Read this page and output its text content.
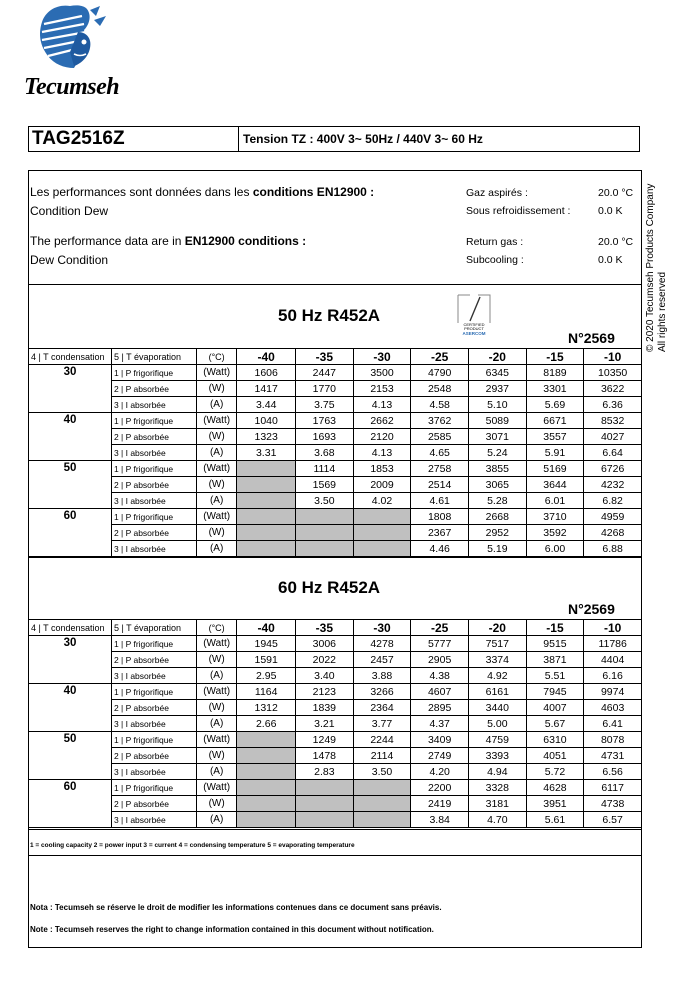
Tecumseh
TAG2516Z	Tension TZ : 400V 3~ 50Hz / 440V 3~ 60 Hz
© 2020 Tecumseh Products Company All rights reserved
Les performances sont données dans les conditions EN12900 :
Condition Dew
The performance data are in EN12900 conditions :
Dew Condition
Gaz aspirés :	20.0 °C
Sous refroidissement :	0.0 K
Return gas :	20.0 °C
Subcooling :	0.0 K
CERTIFIED
PRODUCT
ASERCOM
50 Hz R452A
N°2569
60 Hz R452A
N°2569
4 | T condensation	5 | T évaporation	(°C)	-40	-35	-30	-25	-20	-15	-10
30	1 | P frigorifique	(Watt)	1606	2447	3500	4790	6345	8189	10350
	2 | P absorbée	(W)	1417	1770	2153	2548	2937	3301	3622
	3 | I absorbée	(A)	3.44	3.75	4.13	4.58	5.10	5.69	6.36
40	1 | P frigorifique	(Watt)	1040	1763	2662	3762	5089	6671	8532
	2 | P absorbée	(W)	1323	1693	2120	2585	3071	3557	4027
	3 | I absorbée	(A)	3.31	3.68	4.13	4.65	5.24	5.91	6.64
50	1 | P frigorifique	(Watt)		1114	1853	2758	3855	5169	6726
	2 | P absorbée	(W)		1569	2009	2514	3065	3644	4232
	3 | I absorbée	(A)		3.50	4.02	4.61	5.28	6.01	6.82
60	1 | P frigorifique	(Watt)				1808	2668	3710	4959
	2 | P absorbée	(W)				2367	2952	3592	4268
	3 | I absorbée	(A)				4.46	5.19	6.00	6.88
4 | T condensation	5 | T évaporation	(°C)	-40	-35	-30	-25	-20	-15	-10
30	1 | P frigorifique	(Watt)	1945	3006	4278	5777	7517	9515	11786
	2 | P absorbée	(W)	1591	2022	2457	2905	3374	3871	4404
	3 | I absorbée	(A)	2.95	3.40	3.88	4.38	4.92	5.51	6.16
40	1 | P frigorifique	(Watt)	1164	2123	3266	4607	6161	7945	9974
	2 | P absorbée	(W)	1312	1839	2364	2895	3440	4007	4603
	3 | I absorbée	(A)	2.66	3.21	3.77	4.37	5.00	5.67	6.41
50	1 | P frigorifique	(Watt)		1249	2244	3409	4759	6310	8078
	2 | P absorbée	(W)		1478	2114	2749	3393	4051	4731
	3 | I absorbée	(A)		2.83	3.50	4.20	4.94	5.72	6.56
60	1 | P frigorifique	(Watt)				2200	3328	4628	6117
	2 | P absorbée	(W)				2419	3181	3951	4738
	3 | I absorbée	(A)				3.84	4.70	5.61	6.57
1 = cooling capacity 2 = power input 3 = current 4 = condensing temperature 5 = evaporating temperature
Nota : Tecumseh se réserve le droit de modifier les informations contenues dans ce document sans préavis.
Note : Tecumseh reserves the right to change information contained in this document without notification.
